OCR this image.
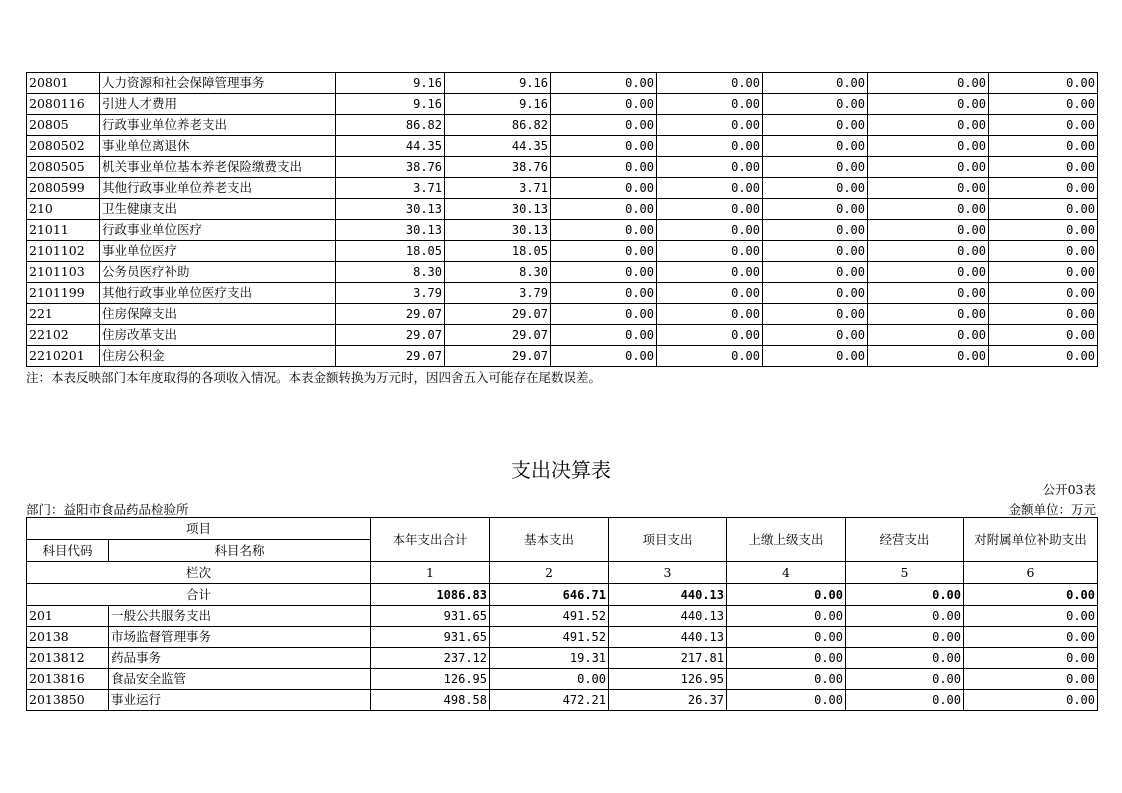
20801	人力资源和社会保障管理事务	9.16	9.16	0.00	0.00	0.00	0.00	0.00
2080116	引进人才费用	9.16	9.16	0.00	0.00	0.00	0.00	0.00
20805	行政事业单位养老支出	86.82	86.82	0.00	0.00	0.00	0.00	0.00
2080502	事业单位离退休	44.35	44.35	0.00	0.00	0.00	0.00	0.00
2080505	机关事业单位基本养老保险缴费支出	38.76	38.76	0.00	0.00	0.00	0.00	0.00
2080599	其他行政事业单位养老支出	3.71	3.71	0.00	0.00	0.00	0.00	0.00
210	卫生健康支出	30.13	30.13	0.00	0.00	0.00	0.00	0.00
21011	行政事业单位医疗	30.13	30.13	0.00	0.00	0.00	0.00	0.00
2101102	事业单位医疗	18.05	18.05	0.00	0.00	0.00	0.00	0.00
2101103	公务员医疗补助	8.30	8.30	0.00	0.00	0.00	0.00	0.00
2101199	其他行政事业单位医疗支出	3.79	3.79	0.00	0.00	0.00	0.00	0.00
221	住房保障支出	29.07	29.07	0.00	0.00	0.00	0.00	0.00
22102	住房改革支出	29.07	29.07	0.00	0.00	0.00	0.00	0.00
2210201	住房公积金	29.07	29.07	0.00	0.00	0.00	0.00	0.00
注：本表反映部门本年度取得的各项收入情况。本表金额转换为万元时，因四舍五入可能存在尾数误差。
支出决算表
公开03表
部门：益阳市食品药品检验所	金额单位：万元
项目		本年支出合计	基本支出	项目支出	上缴上级支出	经营支出	对附属单位补助支出
科目代码	科目名称						
栏次		1	2	3	4	5	6
合计		1086.83	646.71	440.13	0.00	0.00	0.00
201	一般公共服务支出	931.65	491.52	440.13	0.00	0.00	0.00
20138	市场监督管理事务	931.65	491.52	440.13	0.00	0.00	0.00
2013812	药品事务	237.12	19.31	217.81	0.00	0.00	0.00
2013816	食品安全监管	126.95	0.00	126.95	0.00	0.00	0.00
2013850	事业运行	498.58	472.21	26.37	0.00	0.00	0.00
